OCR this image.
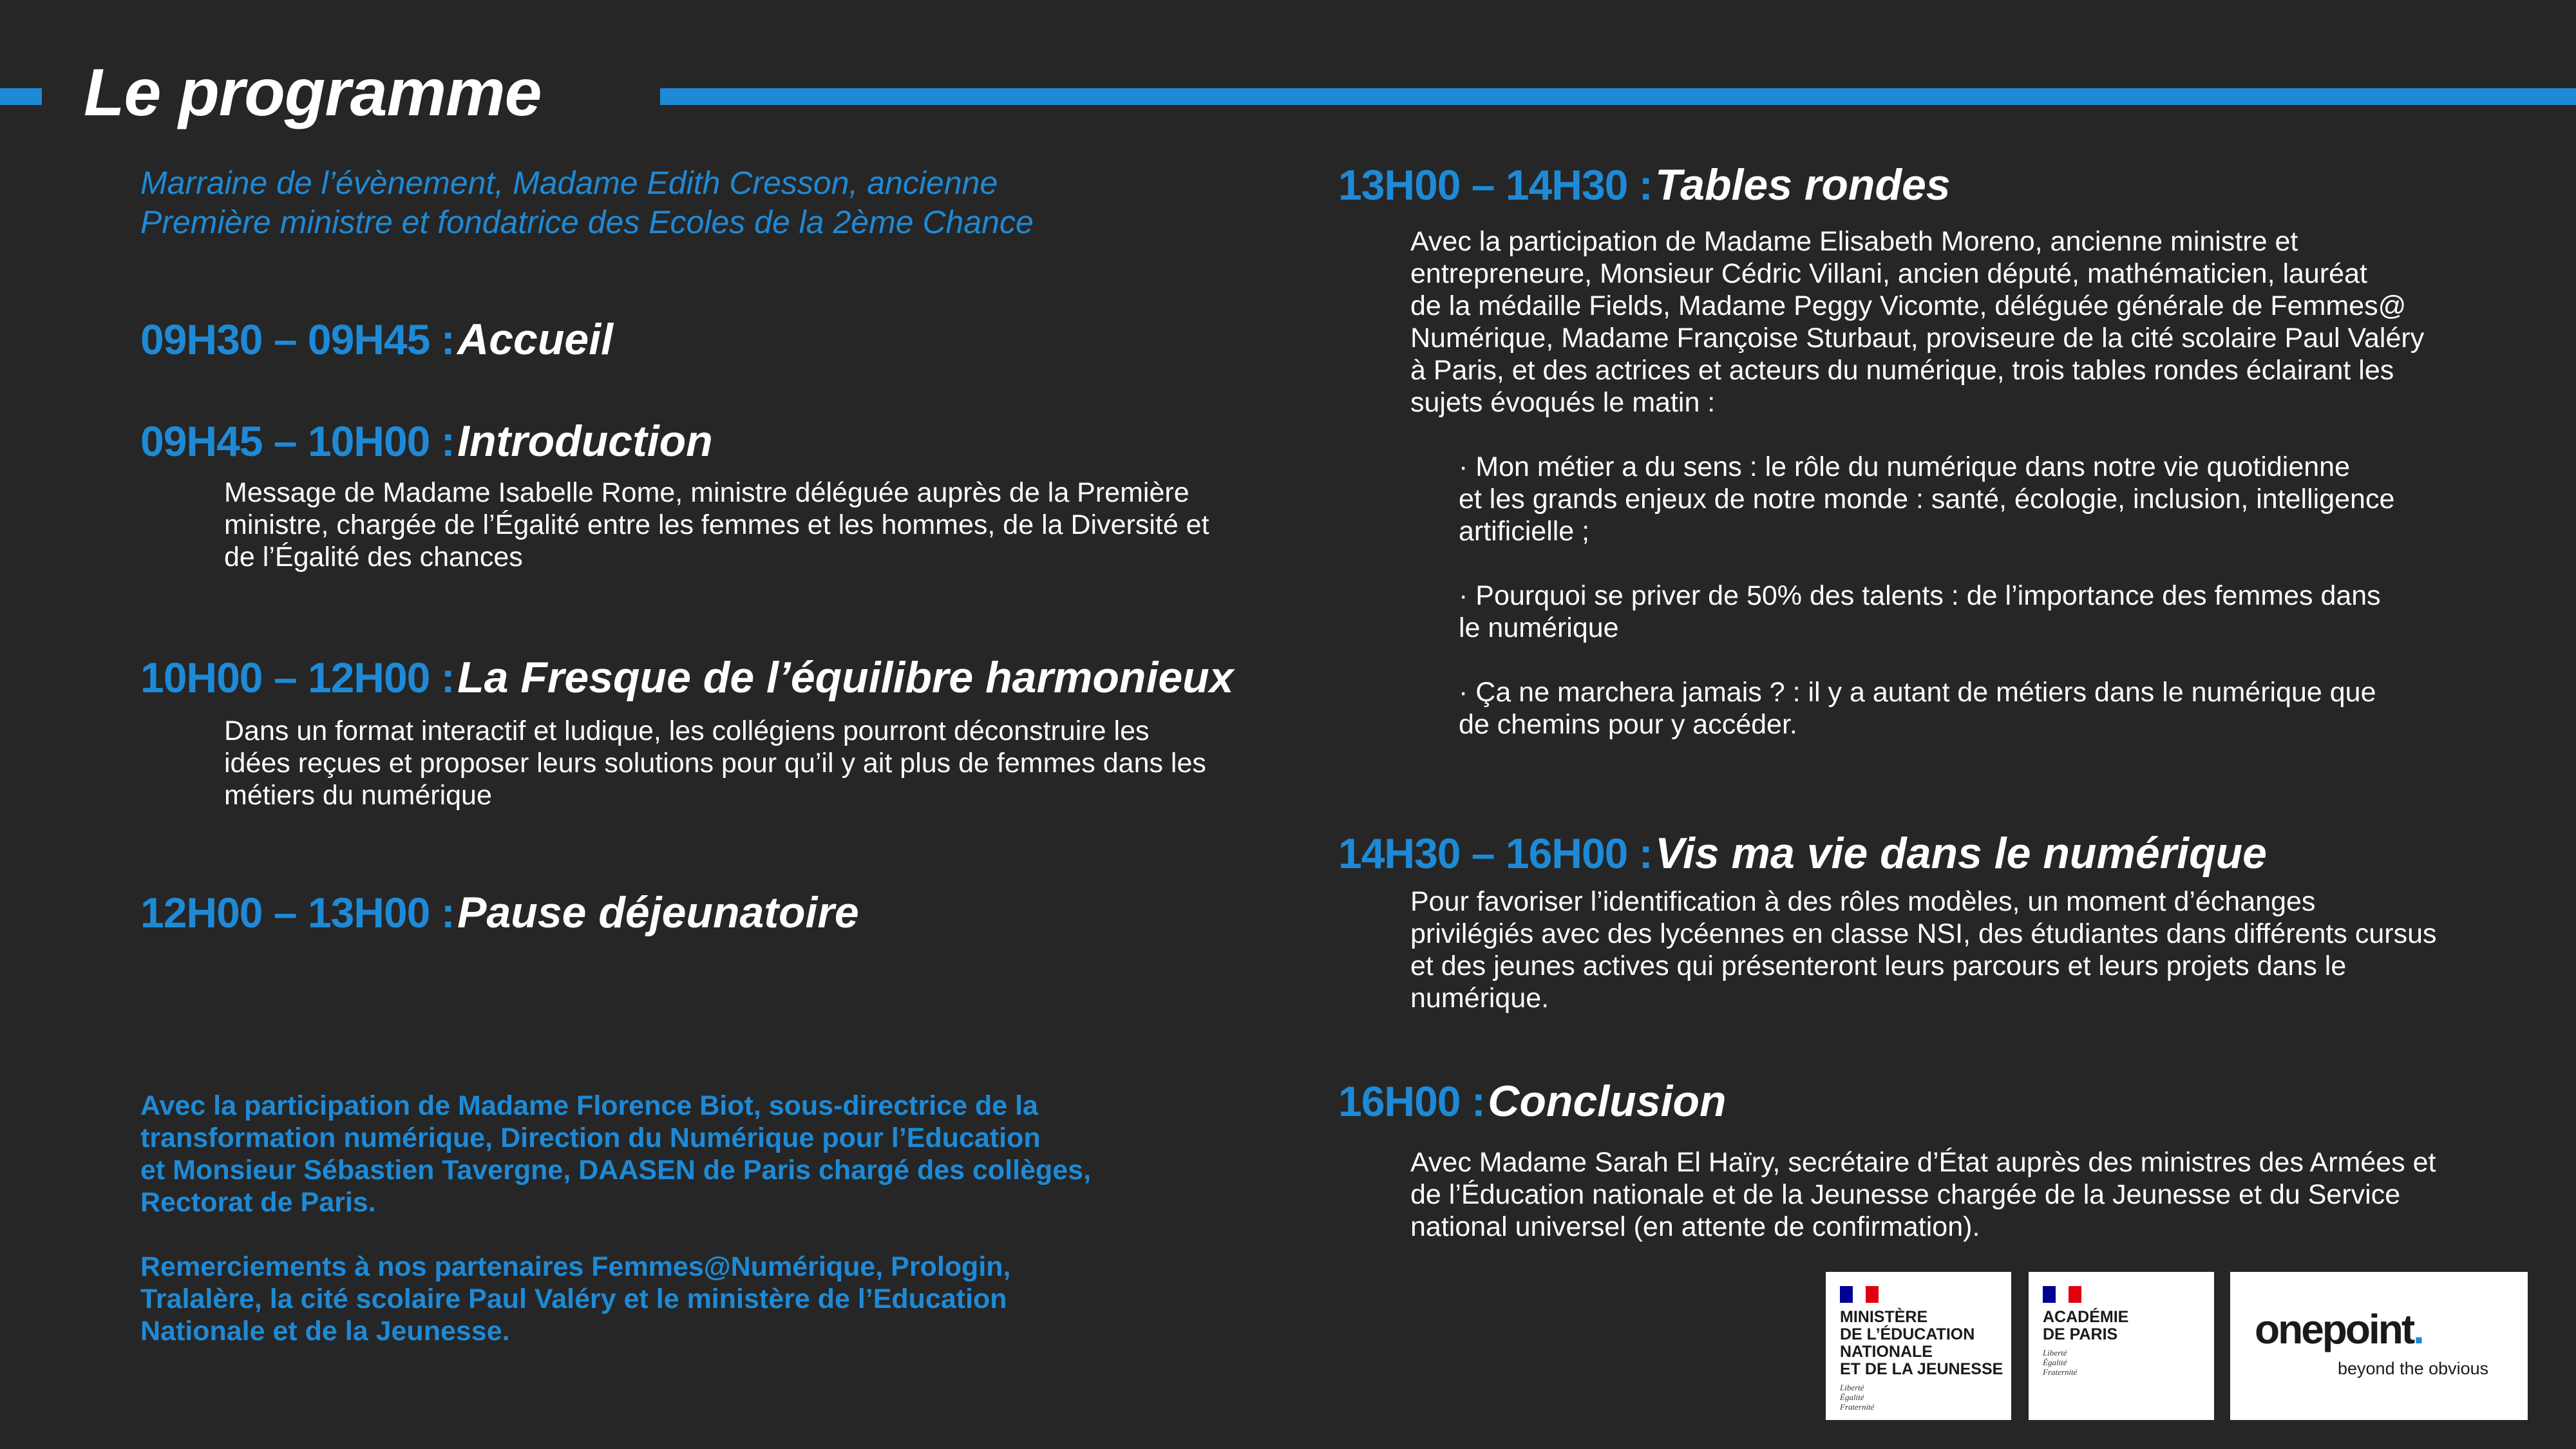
Le programme
Marraine de l’évènement, Madame Edith Cresson, ancienne
Première ministre et fondatrice des Ecoles de la 2ème Chance
09H30 – 09H45 : Accueil
09H45 – 10H00 : Introduction
Message de Madame Isabelle Rome, ministre déléguée auprès de la Première
ministre, chargée de l’Égalité entre les femmes et les hommes, de la Diversité et
de l’Égalité des chances
10H00 – 12H00 : La Fresque de l’équilibre harmonieux
Dans un format interactif et ludique, les collégiens pourront déconstruire les
idées reçues et proposer leurs solutions pour qu’il y ait plus de femmes dans les
métiers du numérique
12H00 – 13H00 : Pause déjeunatoire
Avec la participation de Madame Florence Biot, sous-directrice de la
transformation numérique, Direction du Numérique pour l’Education
et Monsieur Sébastien Tavergne, DAASEN de Paris chargé des collèges,
Rectorat de Paris.
Remerciements à nos partenaires Femmes@Numérique, Prologin,
Tralalère, la cité scolaire Paul Valéry et le ministère de l’Education
Nationale et de la Jeunesse.
13H00 – 14H30 : Tables rondes
Avec la participation de Madame Elisabeth Moreno, ancienne ministre et
entrepreneure, Monsieur Cédric Villani, ancien député, mathématicien, lauréat
de la médaille Fields, Madame Peggy Vicomte, déléguée générale de Femmes@
Numérique, Madame Françoise Sturbaut, proviseure de la cité scolaire Paul Valéry
à Paris, et des actrices et acteurs du numérique, trois tables rondes éclairant les
sujets évoqués le matin :
· Mon métier a du sens : le rôle du numérique dans notre vie quotidienne
et les grands enjeux de notre monde : santé, écologie, inclusion, intelligence
artificielle ;
· Pourquoi se priver de 50% des talents : de l’importance des femmes dans
le numérique
· Ça ne marchera jamais ? : il y a autant de métiers dans le numérique que
de chemins pour y accéder.
14H30 – 16H00 : Vis ma vie dans le numérique
Pour favoriser l’identification à des rôles modèles, un moment d’échanges
privilégiés avec des lycéennes en classe NSI, des étudiantes dans différents cursus
et des jeunes actives qui présenteront leurs parcours et leurs projets dans le
numérique.
16H00 : Conclusion
Avec Madame Sarah El Haïry, secrétaire d’État auprès des ministres des Armées et
de l’Éducation nationale et de la Jeunesse chargée de la Jeunesse et du Service
national universel (en attente de confirmation).
MINISTÈRE
DE L’ÉDUCATION
NATIONALE
ET DE LA JEUNESSE
Liberté
Égalité
Fraternité
ACADÉMIE
DE PARIS
Liberté
Égalité
Fraternité
onepoint.
beyond the obvious
